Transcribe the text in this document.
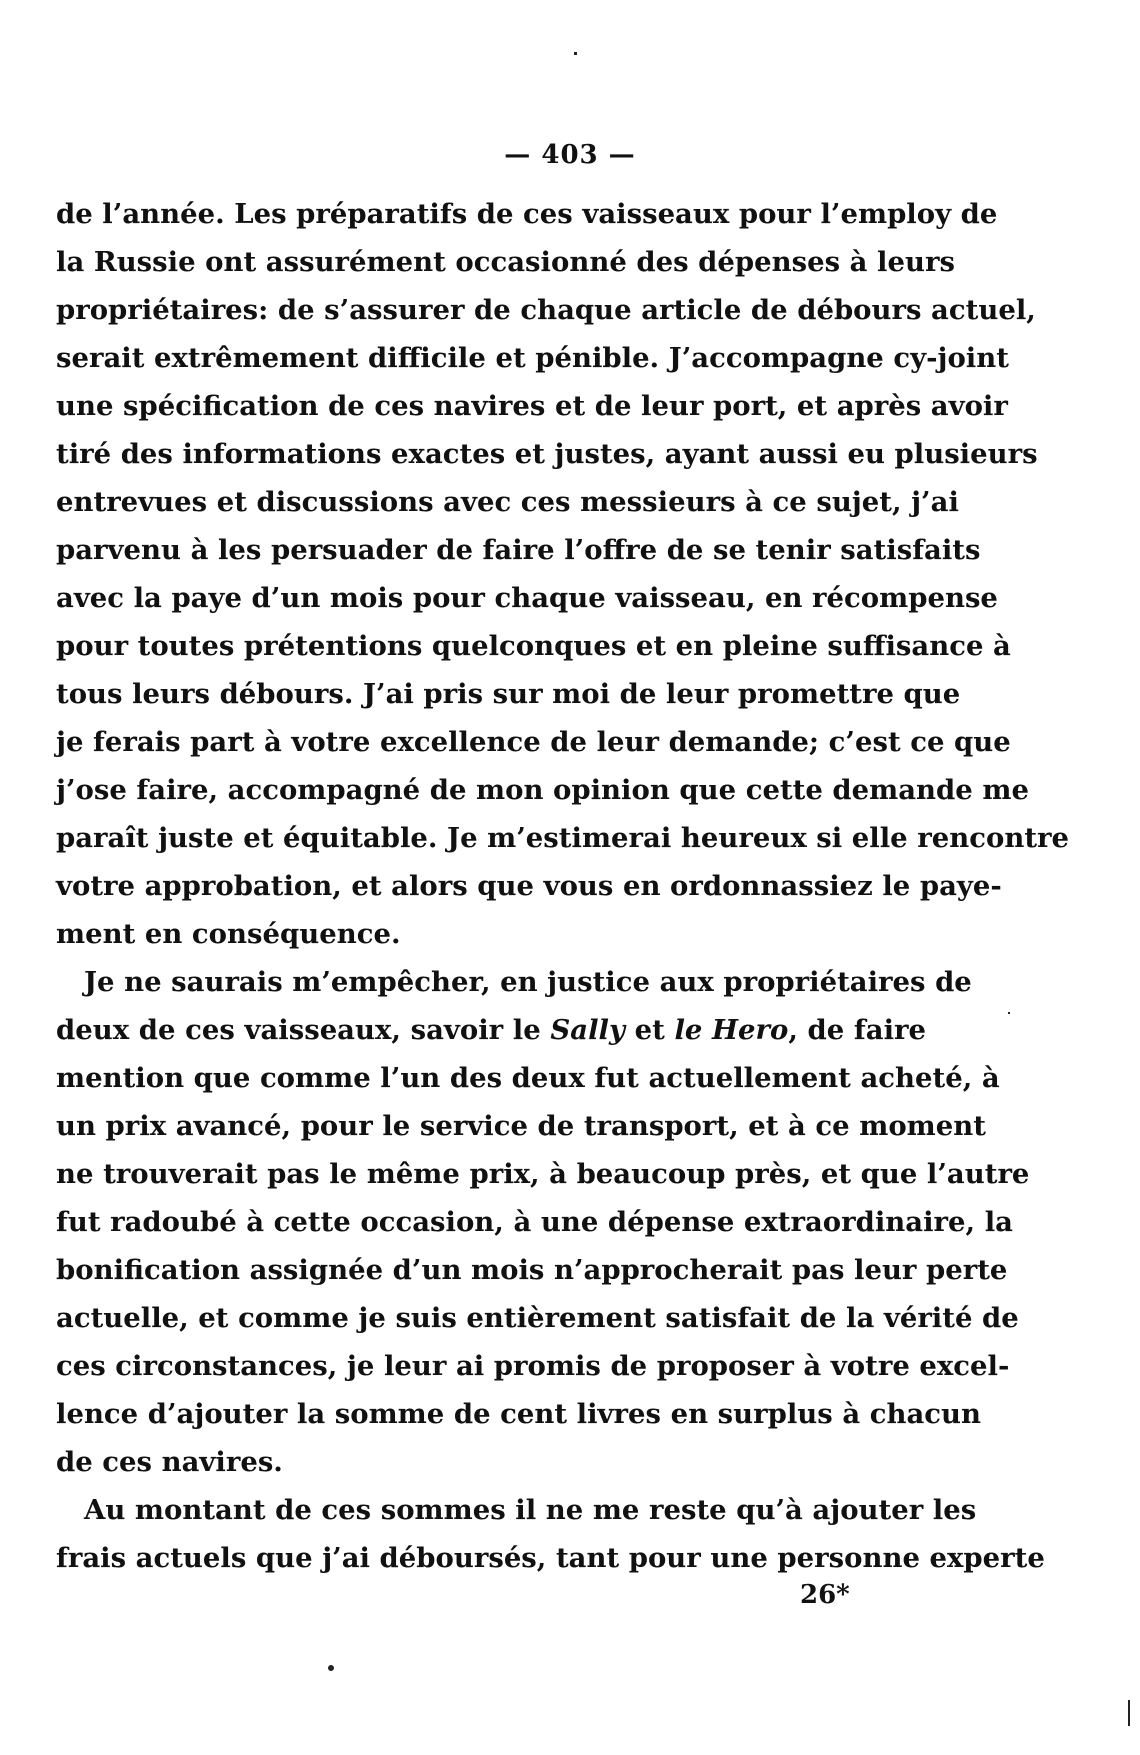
— 403 —
de l’année. Les préparatifs de ces vaisseaux pour l’employ de
la Russie ont assurément occasionné des dépenses à leurs
propriétaires: de s’assurer de chaque article de débours actuel,
serait extrêmement difficile et pénible. J’accompagne cy-joint
une spécification de ces navires et de leur port, et après avoir
tiré des informations exactes et justes, ayant aussi eu plusieurs
entrevues et discussions avec ces messieurs à ce sujet, j’ai
parvenu à les persuader de faire l’offre de se tenir satisfaits
avec la paye d’un mois pour chaque vaisseau, en récompense
pour toutes prétentions quelconques et en pleine suffisance à
tous leurs débours. J’ai pris sur moi de leur promettre que
je ferais part à votre excellence de leur demande; c’est ce que
j’ose faire, accompagné de mon opinion que cette demande me
paraît juste et équitable. Je m’estimerai heureux si elle rencontre
votre approbation, et alors que vous en ordonnassiez le paye-
ment en conséquence.
Je ne saurais m’empêcher, en justice aux propriétaires de
deux de ces vaisseaux, savoir le Sally et le Hero, de faire
mention que comme l’un des deux fut actuellement acheté, à
un prix avancé, pour le service de transport, et à ce moment
ne trouverait pas le même prix, à beaucoup près, et que l’autre
fut radoubé à cette occasion, à une dépense extraordinaire, la
bonification assignée d’un mois n’approcherait pas leur perte
actuelle, et comme je suis entièrement satisfait de la vérité de
ces circonstances, je leur ai promis de proposer à votre excel-
lence d’ajouter la somme de cent livres en surplus à chacun
de ces navires.
Au montant de ces sommes il ne me reste qu’à ajouter les
frais actuels que j’ai déboursés, tant pour une personne experte
26*
